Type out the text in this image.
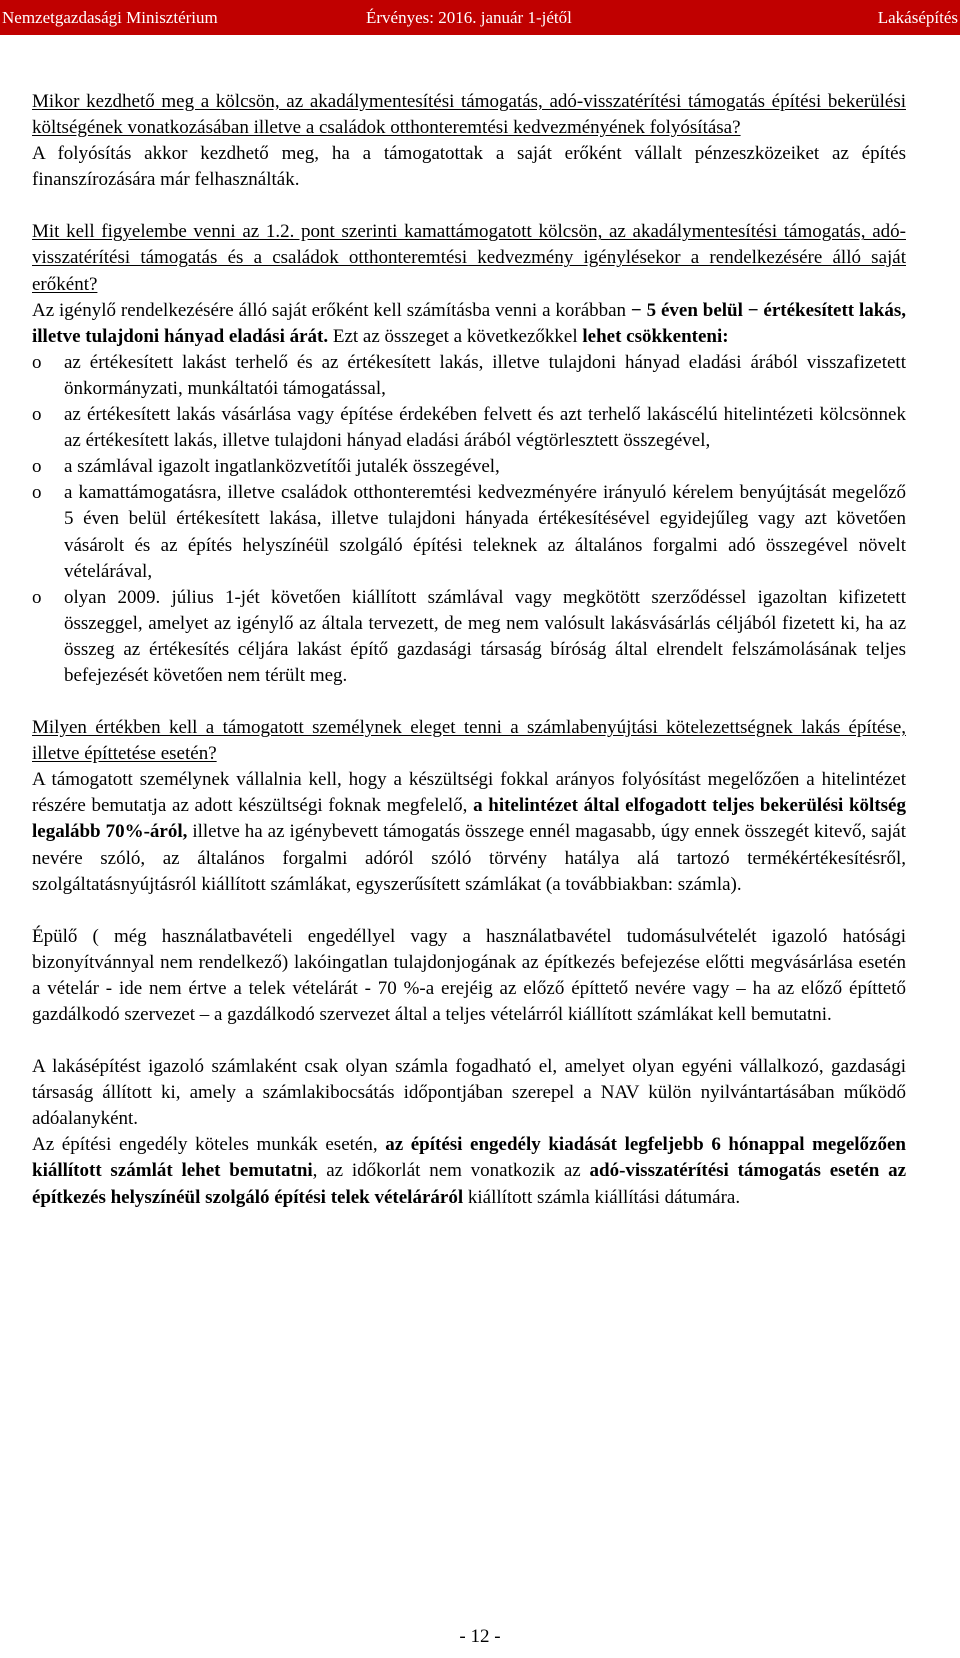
Nemzetgazdasági Minisztérium	Érvényes: 2016. január 1-jétől	Lakásépítés

Mikor kezdhető meg a kölcsön, az akadálymentesítési támogatás, adó-visszatérítési támogatás építési bekerülési költségének vonatkozásában illetve a családok otthonteremtési kedvezményének folyósítása?

A folyósítás akkor kezdhető meg, ha a támogatottak a saját erőként vállalt pénzeszközeiket az építés finanszírozására már felhasználták.

Mit kell figyelembe venni az 1.2. pont szerinti kamattámogatott kölcsön, az akadálymentesítési támogatás, adó-visszatérítési támogatás és a családok otthonteremtési kedvezmény igénylésekor a rendelkezésére álló saját erőként?

Az igénylő rendelkezésére álló saját erőként kell számításba venni a korábban − 5 éven belül − értékesített lakás, illetve tulajdoni hányad eladási árát. Ezt az összeget a következőkkel lehet csökkenteni:

o az értékesített lakást terhelő és az értékesített lakás, illetve tulajdoni hányad eladási árából visszafizetett önkormányzati, munkáltatói támogatással,
o az értékesített lakás vásárlása vagy építése érdekében felvett és azt terhelő lakáscélú hitelintézeti kölcsönnek az értékesített lakás, illetve tulajdoni hányad eladási árából végtörlesztett összegével,
o a számlával igazolt ingatlanközvetítői jutalék összegével,
o a kamattámogatásra, illetve családok otthonteremtési kedvezményére irányuló kérelem benyújtását megelőző 5 éven belül értékesített lakása, illetve tulajdoni hányada értékesítésével egyidejűleg vagy azt követően vásárolt és az építés helyszínéül szolgáló építési teleknek az általános forgalmi adó összegével növelt vételárával,
o olyan 2009. július 1-jét követően kiállított számlával vagy megkötött szerződéssel igazoltan kifizetett összeggel, amelyet az igénylő az általa tervezett, de meg nem valósult lakásvásárlás céljából fizetett ki, ha az összeg az értékesítés céljára lakást építő gazdasági társaság bíróság által elrendelt felszámolásának teljes befejezését követően nem térült meg.

Milyen értékben kell a támogatott személynek eleget tenni a számlabenyújtási kötelezettségnek lakás építése, illetve építtetése esetén?

A támogatott személynek vállalnia kell, hogy a készültségi fokkal arányos folyósítást megelőzően a hitelintézet részére bemutatja az adott készültségi foknak megfelelő, a hitelintézet által elfogadott teljes bekerülési költség legalább 70%-áról, illetve ha az igénybevett támogatás összege ennél magasabb, úgy ennek összegét kitevő, saját nevére szóló, az általános forgalmi adóról szóló törvény hatálya alá tartozó termékértékesítésről, szolgáltatásnyújtásról kiállított számlákat, egyszerűsített számlákat (a továbbiakban: számla).

Épülő ( még használatbavételi engedéllyel vagy a használatbavétel tudomásulvételét igazoló hatósági bizonyítvánnyal nem rendelkező) lakóingatlan tulajdonjogának az építkezés befejezése előtti megvásárlása esetén a vételár - ide nem értve a telek vételárát - 70 %-a erejéig az előző építtető nevére vagy – ha az előző építtető gazdálkodó szervezet – a gazdálkodó szervezet által a teljes vételárról kiállított számlákat kell bemutatni.

A lakásépítést igazoló számlaként csak olyan számla fogadható el, amelyet olyan egyéni vállalkozó, gazdasági társaság állított ki, amely a számlakibocsátás időpontjában szerepel a NAV külön nyilvántartásában működő adóalanyként.

Az építési engedély köteles munkák esetén, az építési engedély kiadását legfeljebb 6 hónappal megelőzően kiállított számlát lehet bemutatni, az időkorlát nem vonatkozik az adó-visszatérítési támogatás esetén az építkezés helyszínéül szolgáló építési telek vételáráról kiállított számla kiállítási dátumára.

- 12 -
